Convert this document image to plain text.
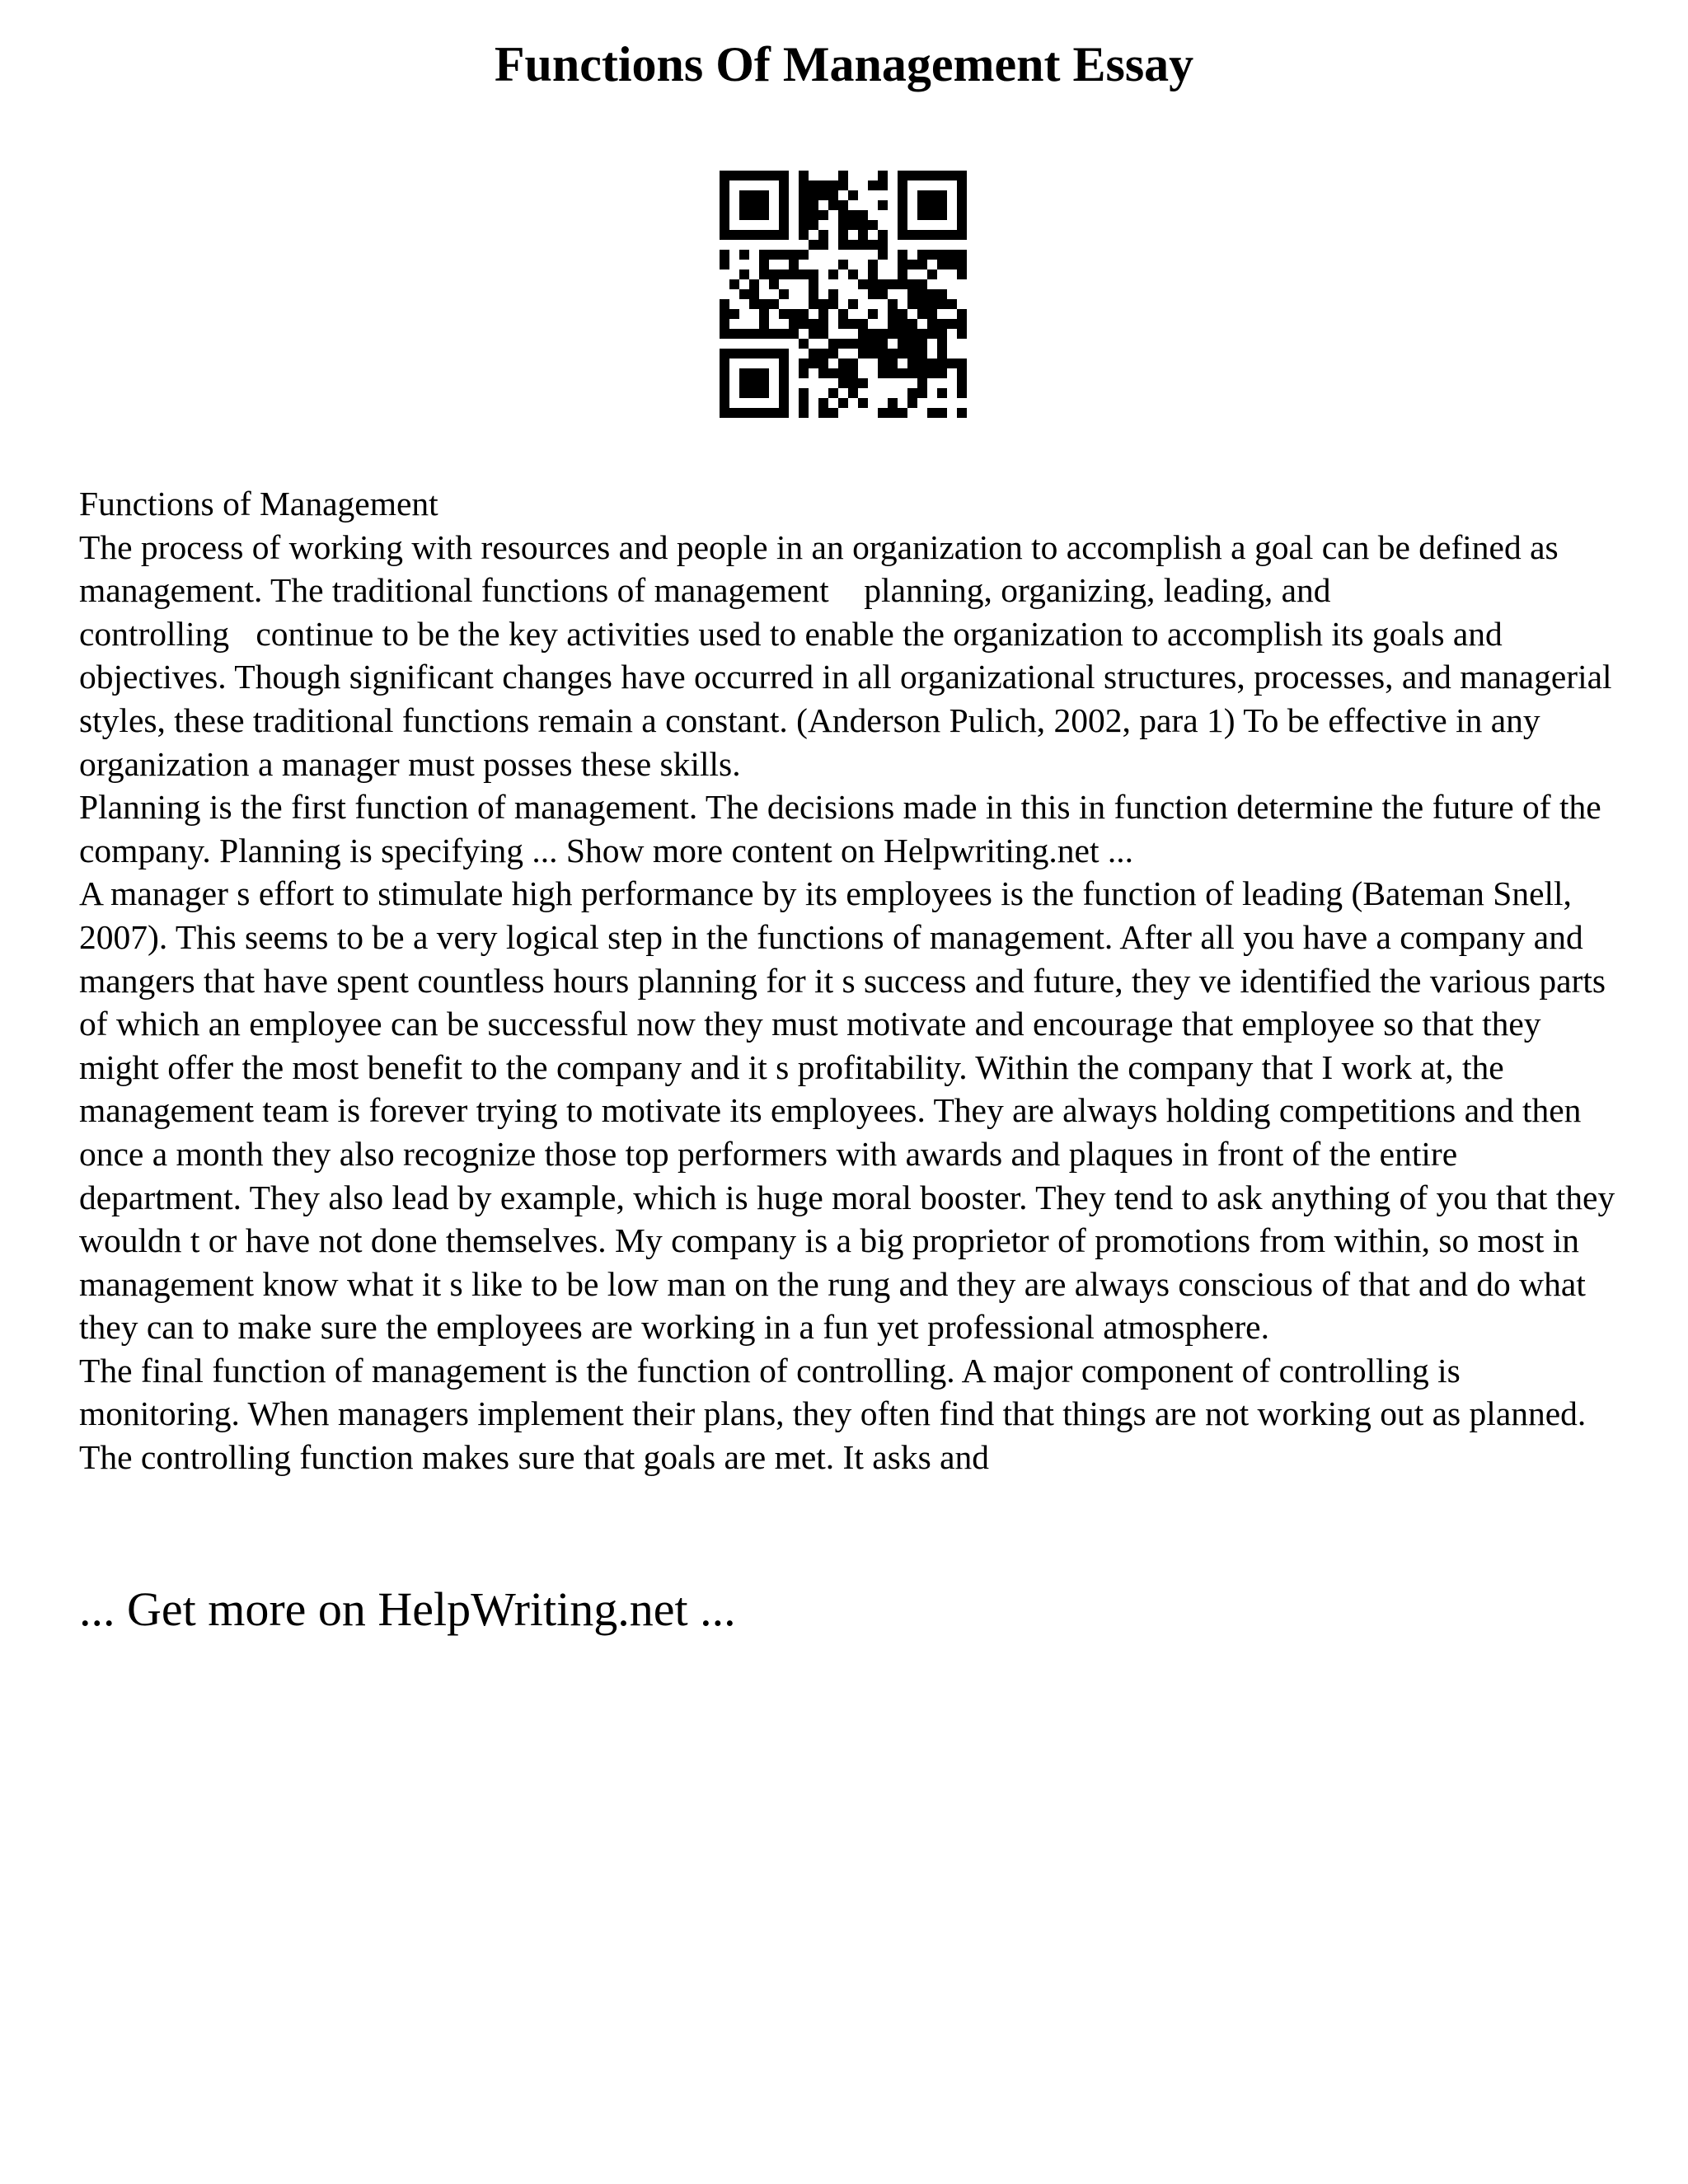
Functions Of Management Essay

Functions of Management

The process of working with resources and people in an organization to accomplish a goal can be defined as management. The traditional functions of management  planning, organizing, leading, and controlling continue to be the key activities used to enable the organization to accomplish its goals and objectives. Though significant changes have occurred in all organizational structures, processes, and managerial styles, these traditional functions remain a constant. (Anderson Pulich, 2002, para 1) To be effective in any organization a manager must posses these skills.

Planning is the first function of management. The decisions made in this in function determine the future of the company. Planning is specifying ... Show more content on Helpwriting.net ...

A manager s effort to stimulate high performance by its employees is the function of leading (Bateman Snell, 2007). This seems to be a very logical step in the functions of management. After all you have a company and mangers that have spent countless hours planning for it s success and future, they ve identified the various parts of which an employee can be successful now they must motivate and encourage that employee so that they might offer the most benefit to the company and it s profitability. Within the company that I work at, the management team is forever trying to motivate its employees. They are always holding competitions and then once a month they also recognize those top performers with awards and plaques in front of the entire department. They also lead by example, which is huge moral booster. They tend to ask anything of you that they wouldn t or have not done themselves. My company is a big proprietor of promotions from within, so most in management know what it s like to be low man on the rung and they are always conscious of that and do what they can to make sure the employees are working in a fun yet professional atmosphere.

The final function of management is the function of controlling. A major component of controlling is monitoring. When managers implement their plans, they often find that things are not working out as planned. The controlling function makes sure that goals are met. It asks and

... Get more on HelpWriting.net ...
